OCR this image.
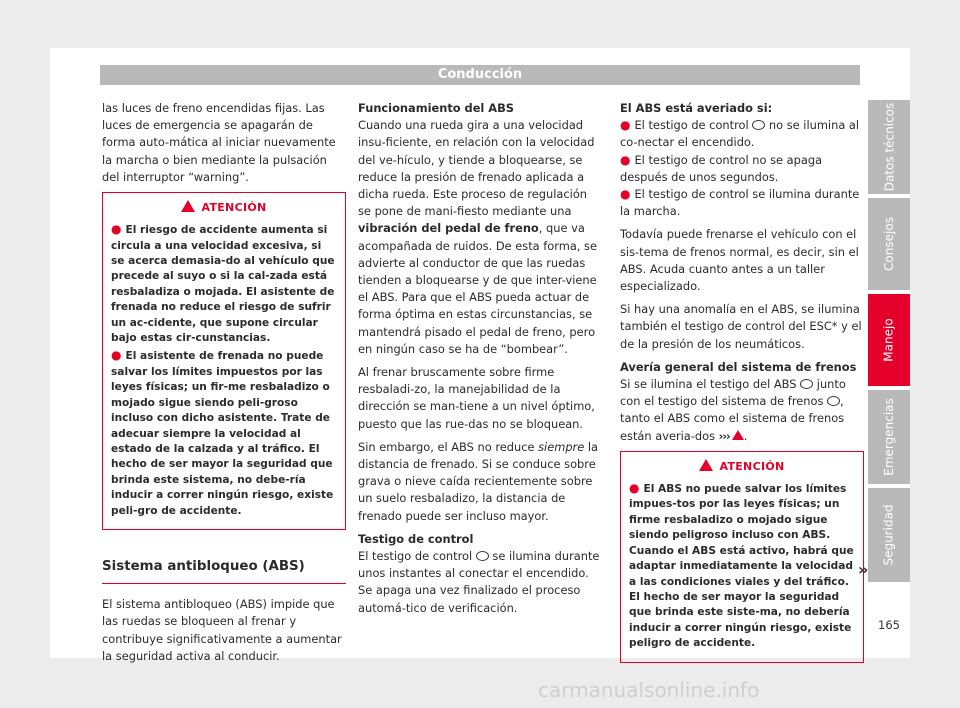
Conducción

las luces de freno encendidas fijas. Las luces de emergencia se apagarán de forma auto-mática al iniciar nuevamente la marcha o bien mediante la pulsación del interruptor “warning”.

ATENCIÓN
● El riesgo de accidente aumenta si circula a una velocidad excesiva, si se acerca demasia-do al vehículo que precede al suyo o si la cal-zada está resbaladiza o mojada. El asistente de frenada no reduce el riesgo de sufrir un ac-cidente, que supone circular bajo estas cir-cunstancias.
● El asistente de frenada no puede salvar los límites impuestos por las leyes físicas; un fir-me resbaladizo o mojado sigue siendo peli-groso incluso con dicho asistente. Trate de adecuar siempre la velocidad al estado de la calzada y al tráfico. El hecho de ser mayor la seguridad que brinda este sistema, no debe-ría inducir a correr ningún riesgo, existe peli-gro de accidente.
Sistema antibloqueo (ABS)

El sistema antibloqueo (ABS) impide que las ruedas se bloqueen al frenar y contribuye significativamente a aumentar la seguridad activa al conducir.

Funcionamiento del ABS

Cuando una rueda gira a una velocidad insu-ficiente, en relación con la velocidad del ve-hículo, y tiende a bloquearse, se reduce la presión de frenado aplicada a dicha rueda. Este proceso de regulación se pone de mani-fiesto mediante una vibración del pedal de freno, que va acompañada de ruidos. De esta forma, se advierte al conductor de que las ruedas tienden a bloquearse y de que inter-viene el ABS. Para que el ABS pueda actuar de forma óptima en estas circunstancias, se mantendrá pisado el pedal de freno, pero en ningún caso se ha de “bombear”.

Al frenar bruscamente sobre firme resbaladi-zo, la manejabilidad de la dirección se man-tiene a un nivel óptimo, puesto que las rue-das no se bloquean.

Sin embargo, el ABS no reduce siempre la distancia de frenado. Si se conduce sobre grava o nieve caída recientemente sobre un suelo resbaladizo, la distancia de frenado puede ser incluso mayor.

Testigo de control

El testigo de control  se ilumina durante unos instantes al conectar el encendido. Se apaga una vez finalizado el proceso automá-tico de verificación.

El ABS está averiado si:
● El testigo de control  no se ilumina al co-nectar el encendido.
● El testigo de control no se apaga después de unos segundos.
● El testigo de control se ilumina durante la marcha.

Todavía puede frenarse el vehículo con el sis-tema de frenos normal, es decir, sin el ABS. Acuda cuanto antes a un taller especializado.

Si hay una anomalía en el ABS, se ilumina también el testigo de control del ESC* y el de la presión de los neumáticos.

Avería general del sistema de frenos

Si se ilumina el testigo del ABS  junto con el testigo del sistema de frenos , tanto el ABS como el sistema de frenos están averia-dos ››› .

ATENCIÓN
● El ABS no puede salvar los límites impues-tos por las leyes físicas; un firme resbaladizo o mojado sigue siendo peligroso incluso con ABS. Cuando el ABS está activo, habrá que adaptar inmediatamente la velocidad a las condiciones viales y del tráfico. El hecho de ser mayor la seguridad que brinda este siste-ma, no debería inducir a correr ningún riesgo, existe peligro de accidente.
Datos técnicos
Consejos
Manejo
Emergencias
Seguridad
»
165
carmanualsonline.info
